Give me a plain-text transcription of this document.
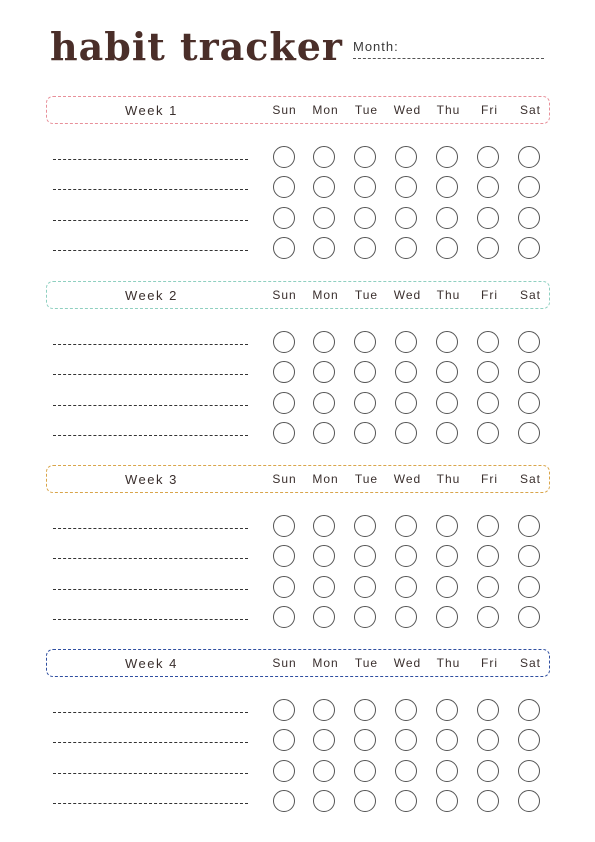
habit tracker Month:
Week 1	Sun	Mon	Tue	Wed	Thu	Fri	Sat
Week 2	Sun	Mon	Tue	Wed	Thu	Fri	Sat
Week 3	Sun	Mon	Tue	Wed	Thu	Fri	Sat
Week 4	Sun	Mon	Tue	Wed	Thu	Fri	Sat
